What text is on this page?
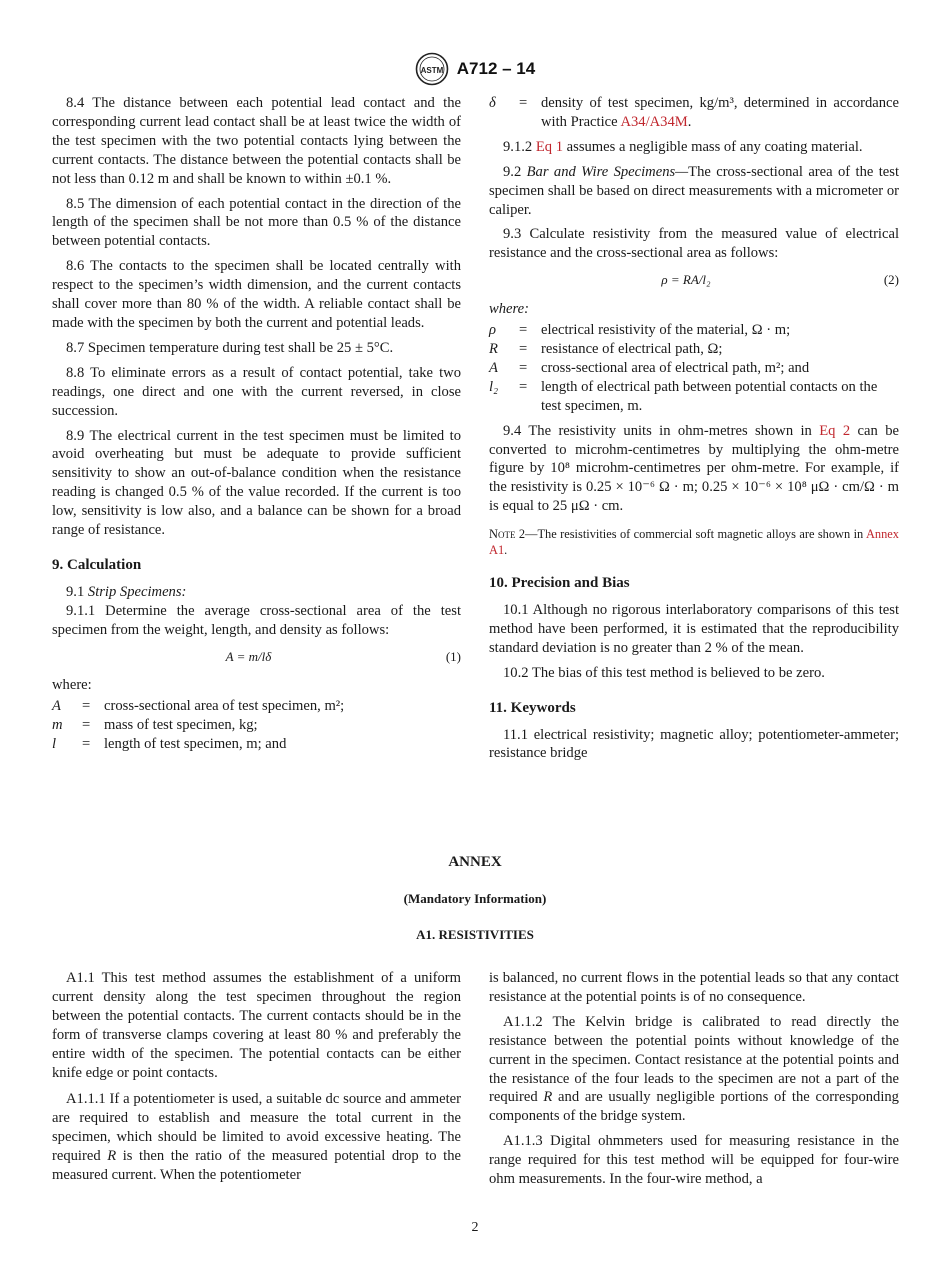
ASTM A712 – 14

8.4 The distance between each potential lead contact and the corresponding current lead contact shall be at least twice the width of the test specimen with the two potential contacts lying between the current contacts. The distance between the potential contacts shall be not less than 0.12 m and shall be known to within ±0.1 %.

8.5 The dimension of each potential contact in the direction of the length of the specimen shall be not more than 0.5 % of the distance between potential contacts.

8.6 The contacts to the specimen shall be located centrally with respect to the specimen’s width dimension, and the current contacts shall cover more than 80 % of the width. A reliable contact shall be made with the specimen by both the current and potential leads.

8.7 Specimen temperature during test shall be 25 ± 5°C.

8.8 To eliminate errors as a result of contact potential, take two readings, one direct and one with the current reversed, in close succession.

8.9 The electrical current in the test specimen must be limited to avoid overheating but must be adequate to provide sufficient sensitivity to show an out-of-balance condition when the resistance reading is changed 0.5 % of the value recorded. If the current is too low, sensitivity is low also, and a balance can be shown for a broad range of resistance.

9. Calculation

9.1 Strip Specimens:

9.1.1 Determine the average cross-sectional area of the test specimen from the weight, length, and density as follows:

A = m/lδ	(1)
where:
A	= cross-sectional area of test specimen, m²;
m	= mass of test specimen, kg;
l	= length of test specimen, m; and
δ	= density of test specimen, kg/m³, determined in accordance with Practice A34/A34M.

9.1.2 Eq 1 assumes a negligible mass of any coating material.

9.2 Bar and Wire Specimens—The cross-sectional area of the test specimen shall be based on direct measurements with a micrometer or caliper.

9.3 Calculate resistivity from the measured value of electrical resistance and the cross-sectional area as follows:

ρ = RA/l₂	(2)
where:
ρ	= electrical resistivity of the material, Ω · m;
R	= resistance of electrical path, Ω;
A	= cross-sectional area of electrical path, m²; and
l₂	= length of electrical path between potential contacts on the test specimen, m.

9.4 The resistivity units in ohm-metres shown in Eq 2 can be converted to microhm-centimetres by multiplying the ohm-metre figure by 10⁸ microhm-centimetres per ohm-metre. For example, if the resistivity is 0.25 × 10⁻⁶ Ω · m; 0.25 × 10⁻⁶ × 10⁸ μΩ · cm/Ω · m is equal to 25 μΩ · cm.

Note 2—The resistivities of commercial soft magnetic alloys are shown in Annex A1.

10. Precision and Bias

10.1 Although no rigorous interlaboratory comparisons of this test method have been performed, it is estimated that the reproducibility standard deviation is no greater than 2 % of the mean.

10.2 The bias of this test method is believed to be zero.

11. Keywords

11.1 electrical resistivity; magnetic alloy; potentiometer-ammeter; resistance bridge

ANNEX
(Mandatory Information)
A1. RESISTIVITIES

A1.1 This test method assumes the establishment of a uniform current density along the test specimen throughout the region between the potential contacts. The current contacts should be in the form of transverse clamps covering at least 80 % and preferably the entire width of the specimen. The potential contacts can be either knife edge or point contacts.

A1.1.1 If a potentiometer is used, a suitable dc source and ammeter are required to establish and measure the total current in the specimen, which should be limited to avoid excessive heating. The required R is then the ratio of the measured potential drop to the measured current. When the potentiometer

is balanced, no current flows in the potential leads so that any contact resistance at the potential points is of no consequence.

A1.1.2 The Kelvin bridge is calibrated to read directly the resistance between the potential points without knowledge of the current in the specimen. Contact resistance at the potential points and the resistance of the four leads to the specimen are not a part of the required R and are usually negligible portions of the corresponding components of the bridge system.

A1.1.3 Digital ohmmeters used for measuring resistance in the range required for this test method will be equipped for four-wire ohm measurements. In the four-wire method, a

2
